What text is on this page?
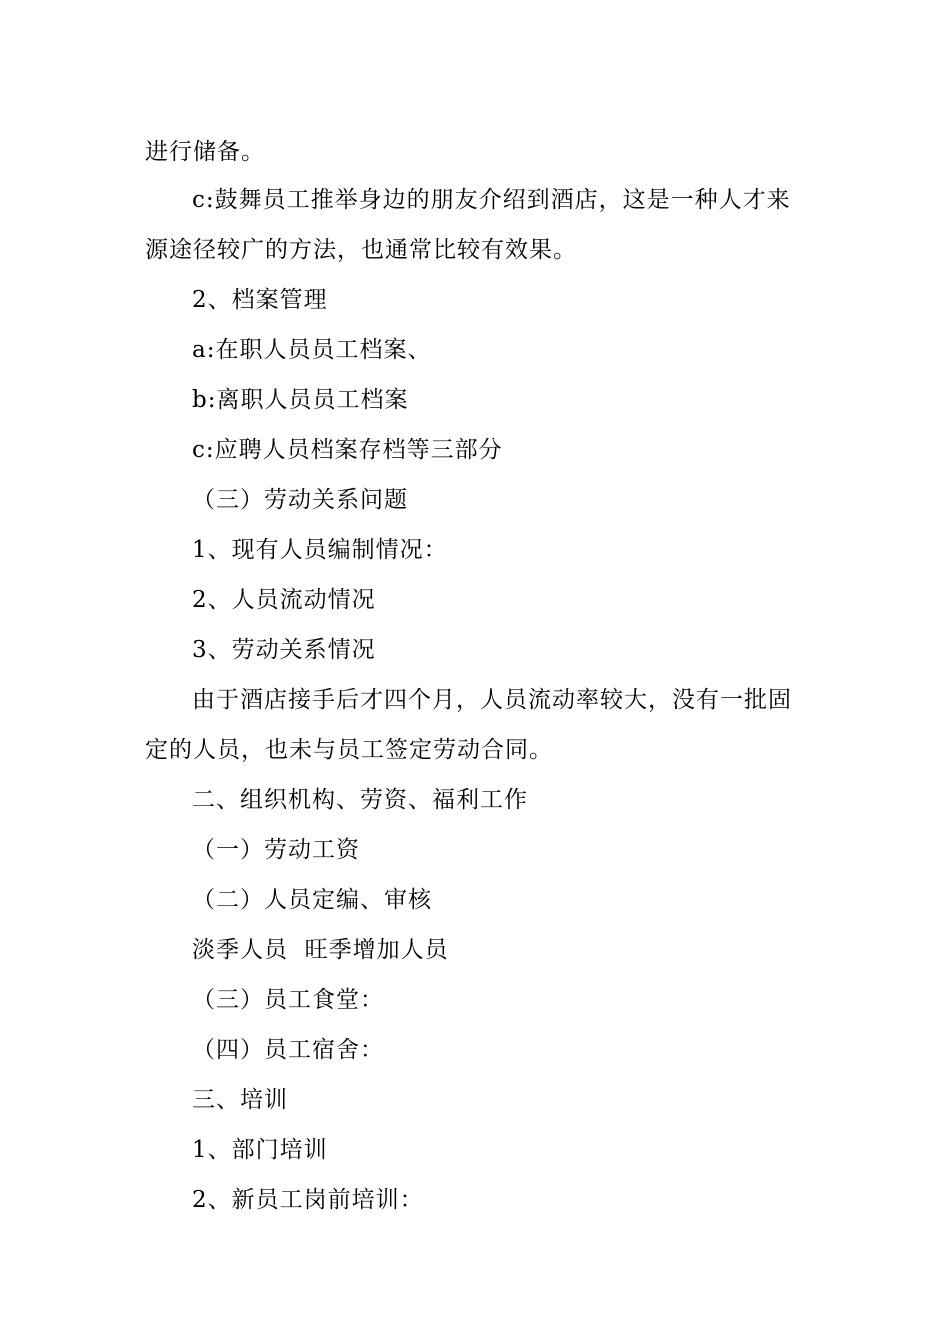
进行储备。
c:鼓舞员工推举身边的朋友介绍到酒店，这是一种人才来
源途径较广的方法，也通常比较有效果。
2、档案管理
a:在职人员员工档案、
b:离职人员员工档案
c:应聘人员档案存档等三部分
（三）劳动关系问题
1、现有人员编制情况：
2、人员流动情况
3、劳动关系情况
由于酒店接手后才四个月，人员流动率较大，没有一批固
定的人员，也未与员工签定劳动合同。
二、组织机构、劳资、福利工作
（一）劳动工资
（二）人员定编、审核
淡季人员  旺季增加人员
（三）员工食堂：
（四）员工宿舍：
三、培训
1、部门培训
2、新员工岗前培训：
